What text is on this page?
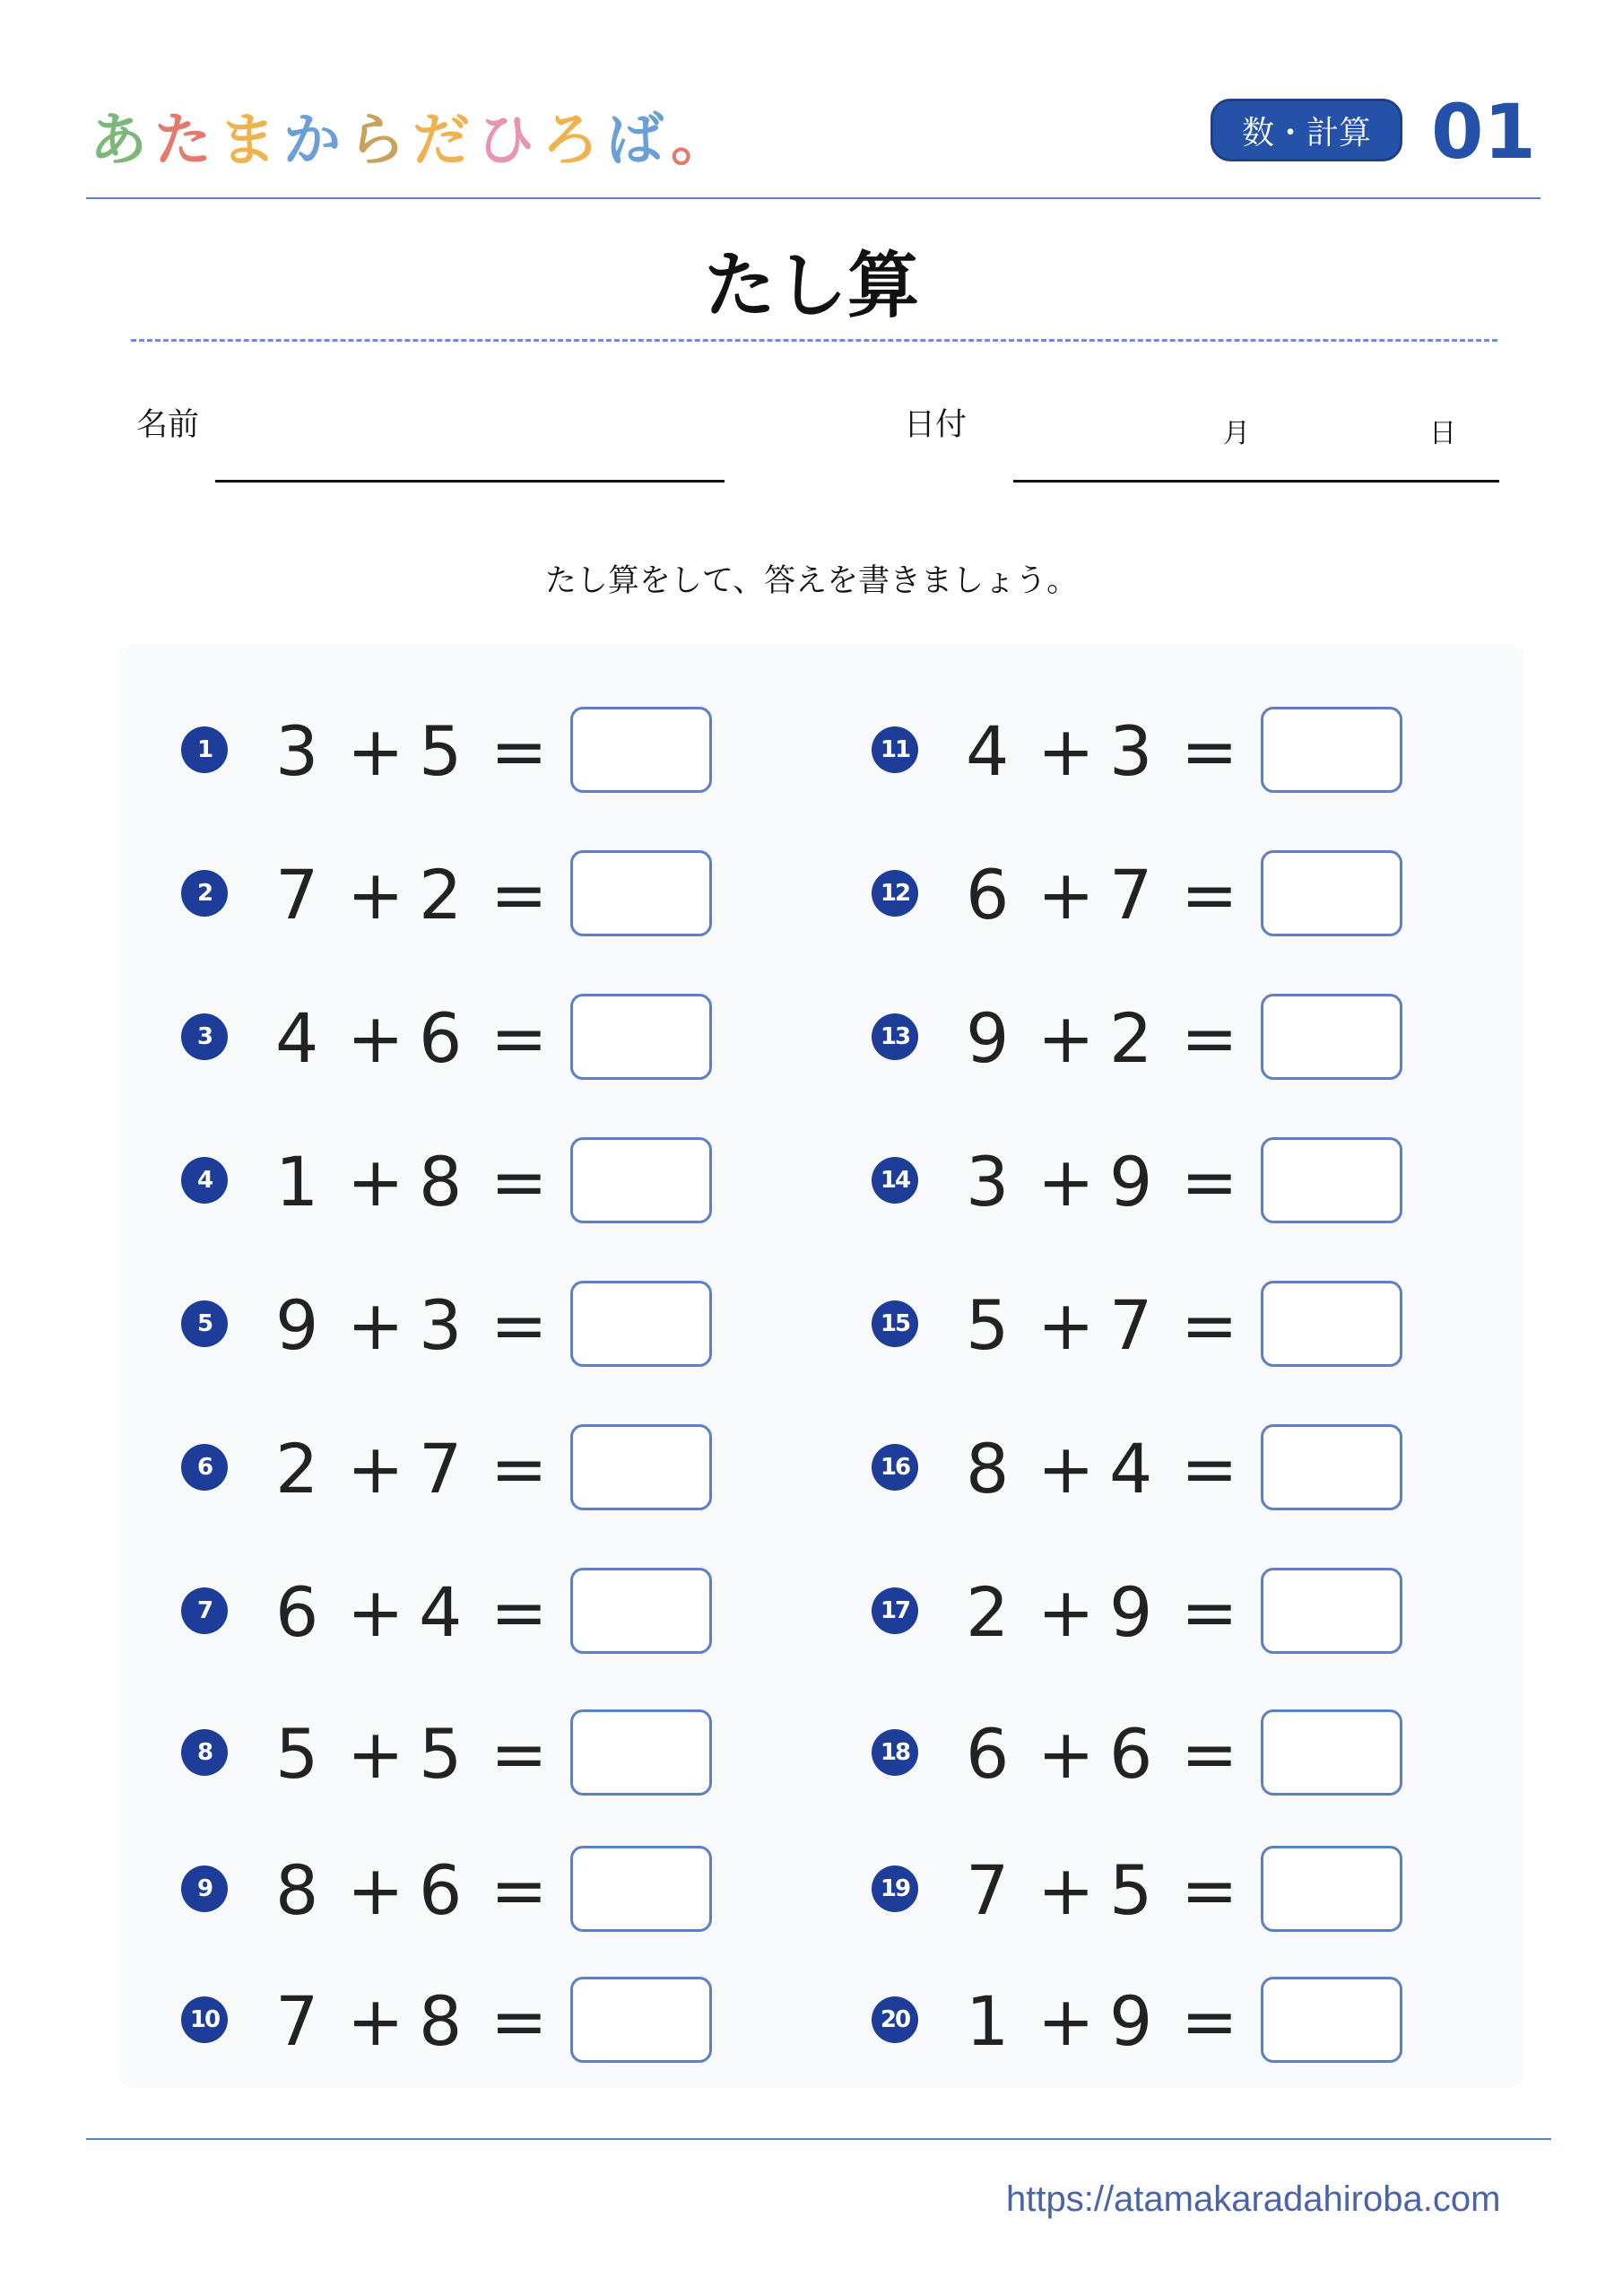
あたまからだひろば。	数・計算 01
たし算
名前	日付	月	日
たし算をして、答えを書きましょう。
1 3 + 5 =
2 7 + 2 =
3 4 + 6 =
4 1 + 8 =
5 9 + 3 =
6 2 + 7 =
7 6 + 4 =
8 5 + 5 =
9 8 + 6 =
10 7 + 8 =
11 4 + 3 =
12 6 + 7 =
13 9 + 2 =
14 3 + 9 =
15 5 + 7 =
16 8 + 4 =
17 2 + 9 =
18 6 + 6 =
19 7 + 5 =
20 1 + 9 =
https://atamakaradahiroba.com
